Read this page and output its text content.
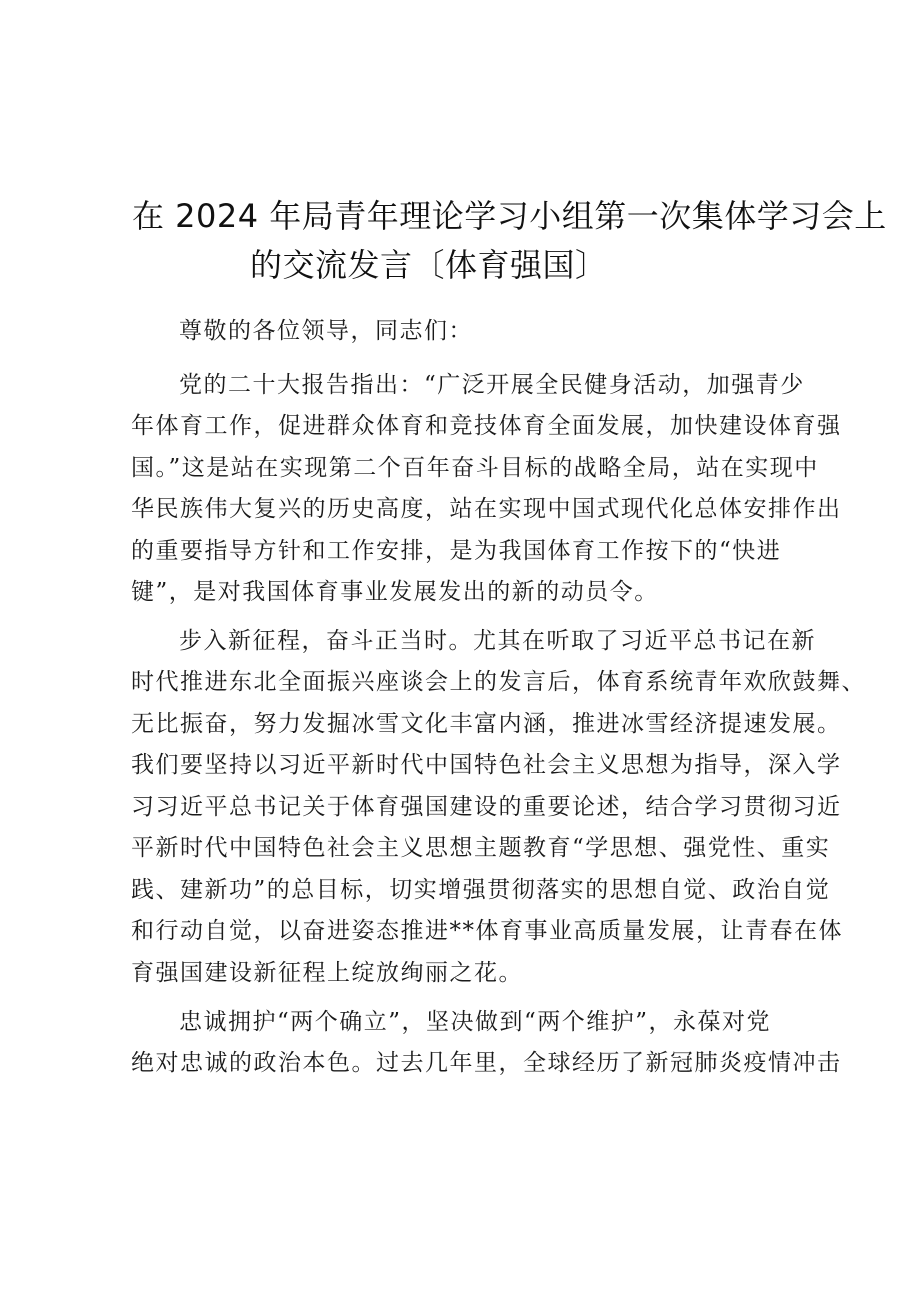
在 2024 年局青年理论学习小组第一次集体学习会上
的交流发言〔体育强国〕
尊敬的各位领导，同志们：
党的二十大报告指出：“广泛开展全民健身活动，加强青少
年体育工作，促进群众体育和竞技体育全面发展，加快建设体育强
国。”这是站在实现第二个百年奋斗目标的战略全局，站在实现中
华民族伟大复兴的历史高度，站在实现中国式现代化总体安排作出
的重要指导方针和工作安排，是为我国体育工作按下的“快进
键”，是对我国体育事业发展发出的新的动员令。
步入新征程，奋斗正当时。尤其在听取了习近平总书记在新
时代推进东北全面振兴座谈会上的发言后，体育系统青年欢欣鼓舞、
无比振奋，努力发掘冰雪文化丰富内涵，推进冰雪经济提速发展。
我们要坚持以习近平新时代中国特色社会主义思想为指导，深入学
习习近平总书记关于体育强国建设的重要论述，结合学习贯彻习近
平新时代中国特色社会主义思想主题教育“学思想、强党性、重实
践、建新功”的总目标，切实增强贯彻落实的思想自觉、政治自觉
和行动自觉，以奋进姿态推进**体育事业高质量发展，让青春在体
育强国建设新征程上绽放绚丽之花。
忠诚拥护“两个确立”，坚决做到“两个维护”，永葆对党
绝对忠诚的政治本色。过去几年里，全球经历了新冠肺炎疫情冲击
